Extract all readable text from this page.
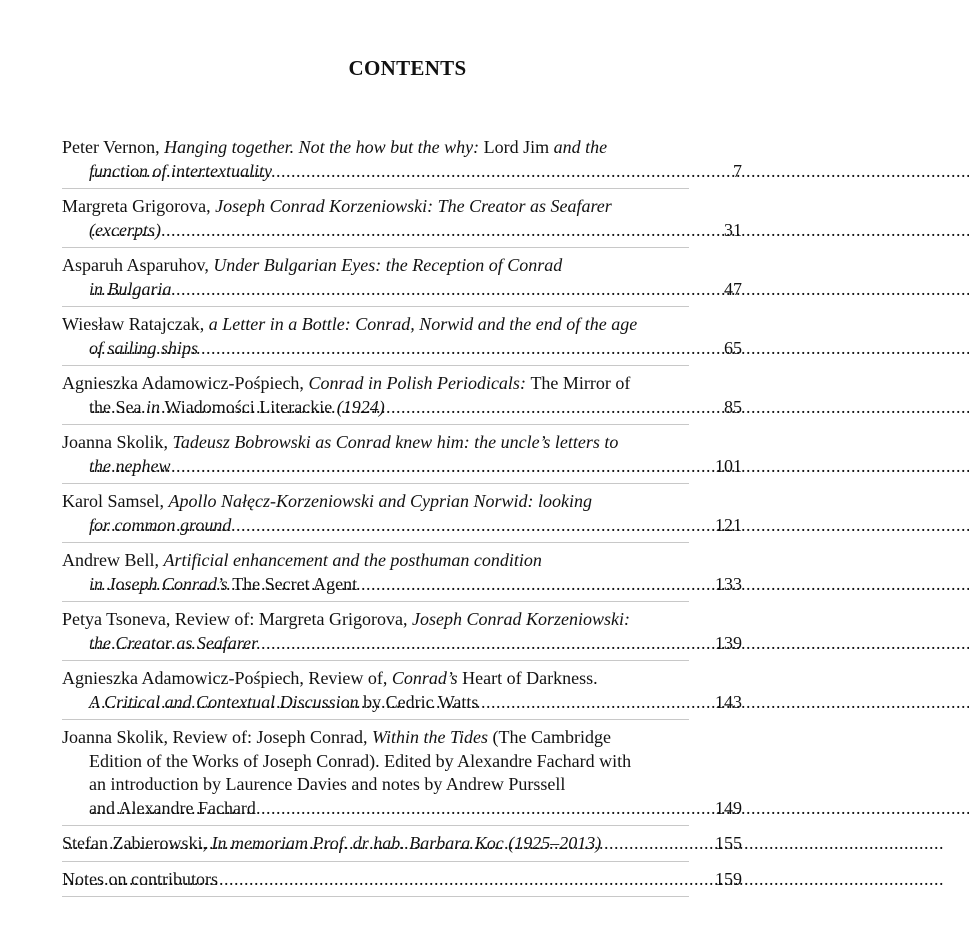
CONTENTS
Peter Vernon, Hanging together. Not the how but the why: Lord Jim and the
function of intertextuality . . .	7
Margreta Grigorova, Joseph Conrad Korzeniowski: The Creator as Seafarer
(excerpts) . . .	31
Asparuh Asparuhov, Under Bulgarian Eyes: the Reception of Conrad
in Bulgaria . . .	47
Wiesław Ratajczak, a Letter in a Bottle: Conrad, Norwid and the end of the age
of sailing ships . . .	65
Agnieszka Adamowicz-Pośpiech, Conrad in Polish Periodicals: The Mirror of
the Sea in Wiadomości Literackie (1924) . . .	85
Joanna Skolik, Tadeusz Bobrowski as Conrad knew him: the uncle’s letters to
the nephew . . .	101
Karol Samsel, Apollo Nałęcz-Korzeniowski and Cyprian Norwid: looking
for common ground . . .	121
Andrew Bell, Artificial enhancement and the posthuman condition
in Joseph Conrad’s The Secret Agent . . .	133
Petya Tsoneva, Review of: Margreta Grigorova, Joseph Conrad Korzeniowski:
the Creator as Seafarer . . .	139
Agnieszka Adamowicz-Pośpiech, Review of, Conrad’s Heart of Darkness.
A Critical and Contextual Discussion by Cedric Watts . . .	143
Joanna Skolik, Review of: Joseph Conrad, Within the Tides (The Cambridge
Edition of the Works of Joseph Conrad). Edited by Alexandre Fachard with
an introduction by Laurence Davies and notes by Andrew Purssell
and Alexandre Fachard . . .	149
Stefan Zabierowski, In memoriam Prof. dr hab. Barbara Koc (1925–2013) . . .	155
Notes on contributors . . .	159
